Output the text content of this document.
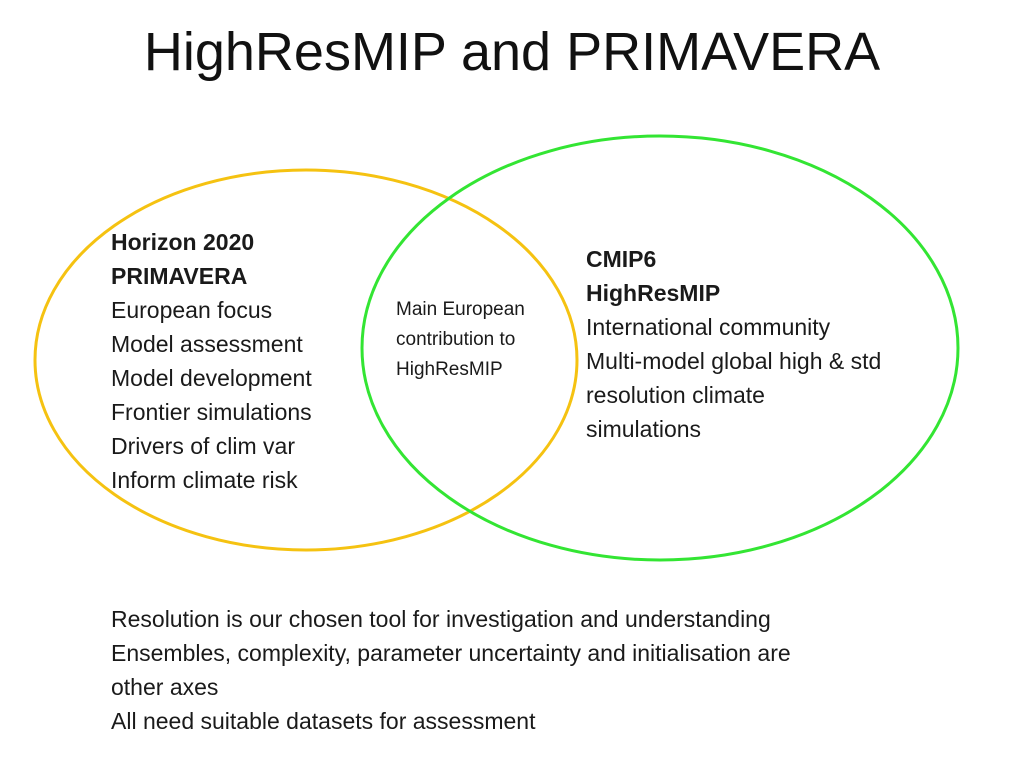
HighResMIP and PRIMAVERA
Horizon 2020
PRIMAVERA
European focus
Model assessment
Model development
Frontier simulations
Drivers of clim var
Inform climate risk
Main European
contribution to
HighResMIP
CMIP6
HighResMIP
International community
Multi-model global high & std
resolution climate
simulations
Resolution is our chosen tool for investigation and understanding
Ensembles, complexity, parameter uncertainty and initialisation are
other axes
All need suitable datasets for assessment
